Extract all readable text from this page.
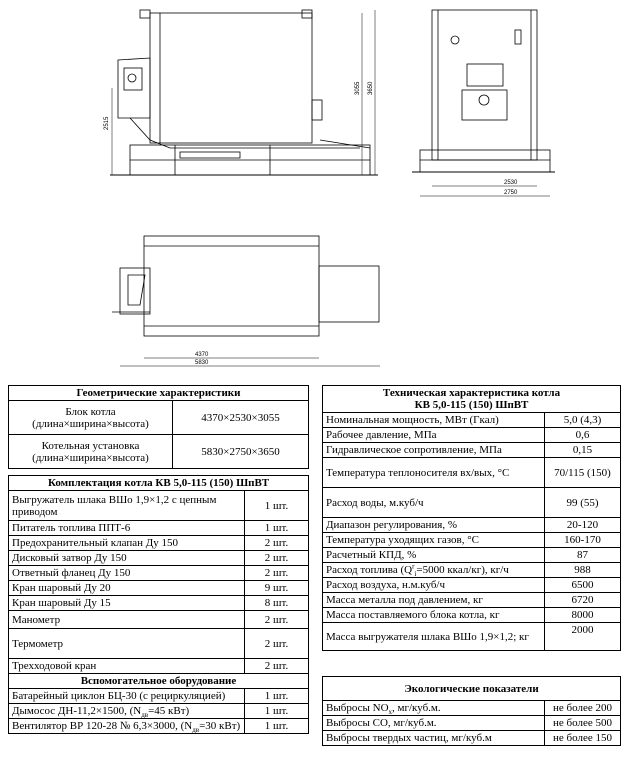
2515
3055 3650
2530
2750
4370
5830
Геометрические характеристики	
Блок котла (длина×ширина×высота)	4370×2530×3055
Котельная установка (длина×ширина×высота)	5830×2750×3650
Комплектация котла КВ 5,0-115 (150) ШпВТ	
Выгружатель шлака ВШо 1,9×1,2 с цепным приводом	1 шт.
Питатель топлива ППТ-6	1 шт.
Предохранительный клапан Ду 150	2 шт.
Дисковый затвор Ду 150	2 шт.
Ответный фланец Ду 150	2 шт.
Кран шаровый Ду 20	9 шт.
Кран шаровый Ду 15	8 шт.
Манометр	2 шт.
Термометр	2 шт.
Трехходовой кран	2 шт.
Вспомогательное оборудование	
Батарейный циклон БЦ-30 (с рециркуляцией)	1 шт.
Дымосос ДН-11,2×1500, ($N_{дв}=45$ кВт)	1 шт.
Вентилятор ВР 120-28 № 6,3×3000, ($N_{дв}=30$ кВт)	1 шт.
Техническая характеристика котла
КВ 5,0-115 (150) ШпВТ	
Номинальная мощность, МВт (Гкал)	5,0 (4,3)
Рабочее давление, МПа	0,6
Гидравлическое сопротивление, МПа	0,15
Температура теплоносителя вх/вых, °С	70/115 (150)
Расход воды, м.куб/ч	99 (55)
Диапазон регулирования, %	20-120
Температура уходящих газов, °С	160-170
Расчетный КПД, %	87
Расход топлива ($Q^r_i=5000$ ккал/кг), кг/ч	988
Расход воздуха, н.м.куб/ч	6500
Масса металла под давлением, кг	6720
Масса поставляемого блока котла, кг	8000
Масса выгружателя шлака ВШо 1,9×1,2; кг	2000
Экологические показатели	
Выбросы $NO_x$, мг/куб.м.	не более 200
Выбросы СО, мг/куб.м.	не более 500
Выбросы твердых частиц, мг/куб.м	не более 150
